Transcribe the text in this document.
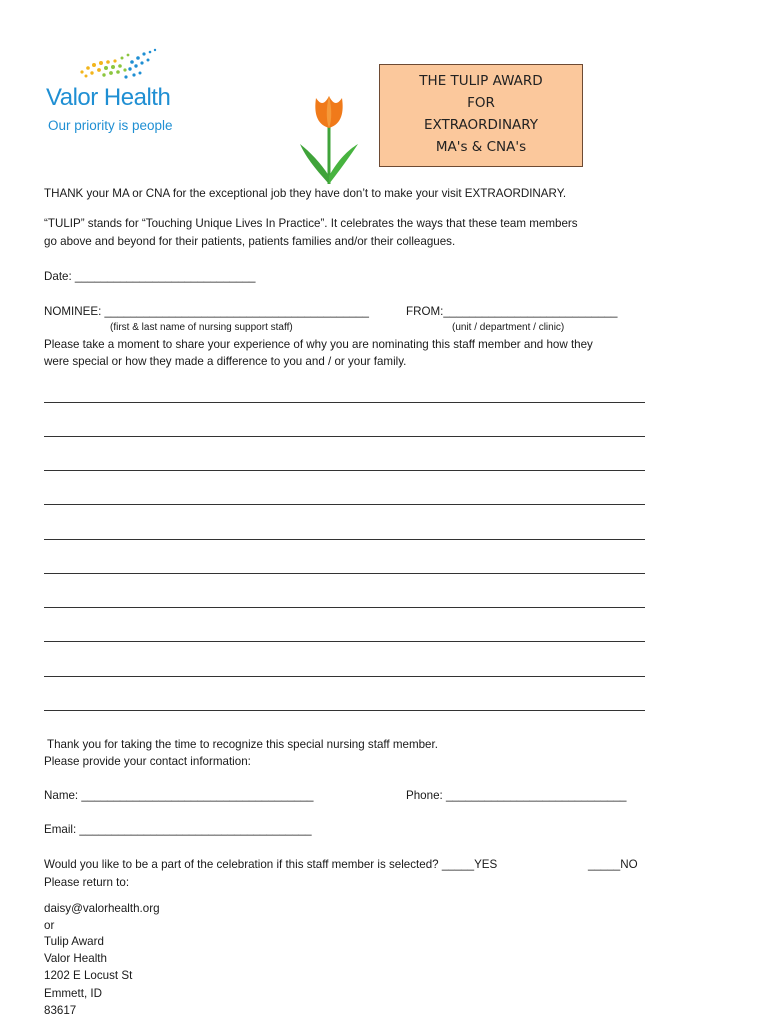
Valor Health
Our priority is people
THE TULIP AWARD
FOR
EXTRAORDINARY
MA's & CNA's
THANK your MA or CNA for the exceptional job they have don’t to make your visit EXTRAORDINARY.
“TULIP” stands for “Touching Unique Lives In Practice”. It celebrates the ways that these team members
go above and beyond for their patients, patients families and/or their colleagues.
Date: ____________________________
NOMINEE: _________________________________________
(first & last name of nursing support staff)
FROM:___________________________
(unit / department / clinic)
Please take a moment to share your experience of why you are nominating this staff member and how they
were special or how they made a difference to you and / or your family.
Thank you for taking the time to recognize this special nursing staff member.
Please provide your contact information:
Name: ____________________________________	Phone: ____________________________
Email: ____________________________________
Would you like to be a part of the celebration if this staff member is selected? _____YES	_____NO
Please return to:
daisy@valorhealth.org
or
Tulip Award
Valor Health
1202 E Locust St
Emmett, ID
83617
